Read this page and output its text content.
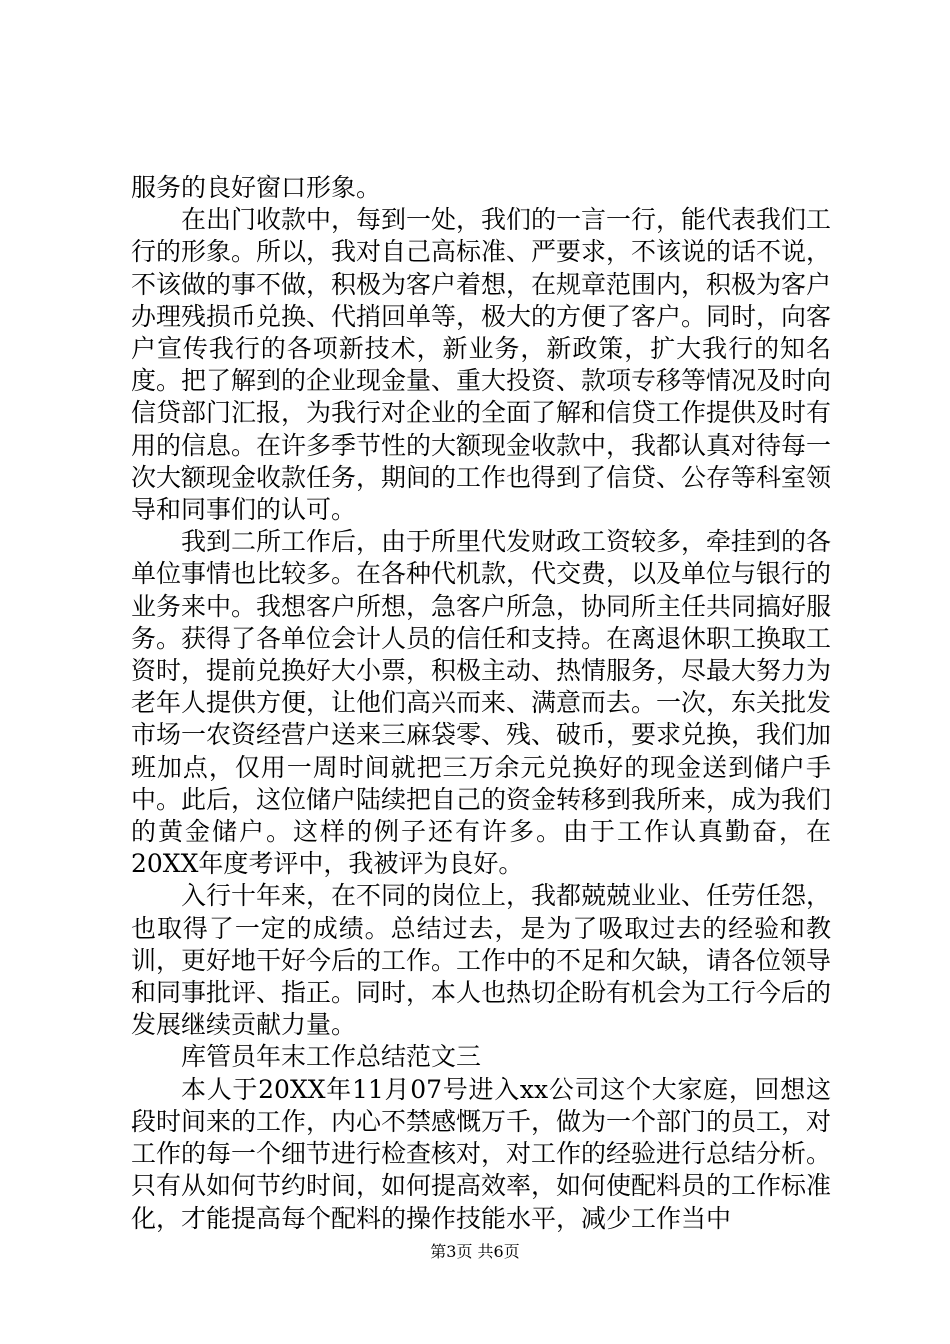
服务的良好窗口形象。

在出门收款中，每到一处，我们的一言一行，能代表我们工行的形象。所以，我对自己高标准、严要求，不该说的话不说，不该做的事不做，积极为客户着想，在规章范围内，积极为客户办理残损币兑换、代捎回单等，极大的方便了客户。同时，向客户宣传我行的各项新技术，新业务，新政策，扩大我行的知名度。把了解到的企业现金量、重大投资、款项专移等情况及时向信贷部门汇报，为我行对企业的全面了解和信贷工作提供及时有用的信息。在许多季节性的大额现金收款中，我都认真对待每一次大额现金收款任务，期间的工作也得到了信贷、公存等科室领导和同事们的认可。

我到二所工作后，由于所里代发财政工资较多，牵挂到的各单位事情也比较多。在各种代机款，代交费，以及单位与银行的业务来中。我想客户所想，急客户所急，协同所主任共同搞好服务。获得了各单位会计人员的信任和支持。在离退休职工换取工资时，提前兑换好大小票，积极主动、热情服务，尽最大努力为老年人提供方便，让他们高兴而来、满意而去。一次，东关批发市场一农资经营户送来三麻袋零、残、破币，要求兑换，我们加班加点，仅用一周时间就把三万余元兑换好的现金送到储户手中。此后，这位储户陆续把自己的资金转移到我所来，成为我们的黄金储户。这样的例子还有许多。由于工作认真勤奋，在20XX年度考评中，我被评为良好。

入行十年来，在不同的岗位上，我都兢兢业业、任劳任怨，也取得了一定的成绩。总结过去，是为了吸取过去的经验和教训，更好地干好今后的工作。工作中的不足和欠缺，请各位领导和同事批评、指正。同时，本人也热切企盼有机会为工行今后的发展继续贡献力量。

库管员年末工作总结范文三

本人于20XX年11月07号进入xx公司这个大家庭，回想这段时间来的工作，内心不禁感慨万千，做为一个部门的员工，对工作的每一个细节进行检查核对，对工作的经验进行总结分析。只有从如何节约时间，如何提高效率，如何使配料员的工作标准化，才能提高每个配料的操作技能水平，减少工作当中

第3页 共6页
